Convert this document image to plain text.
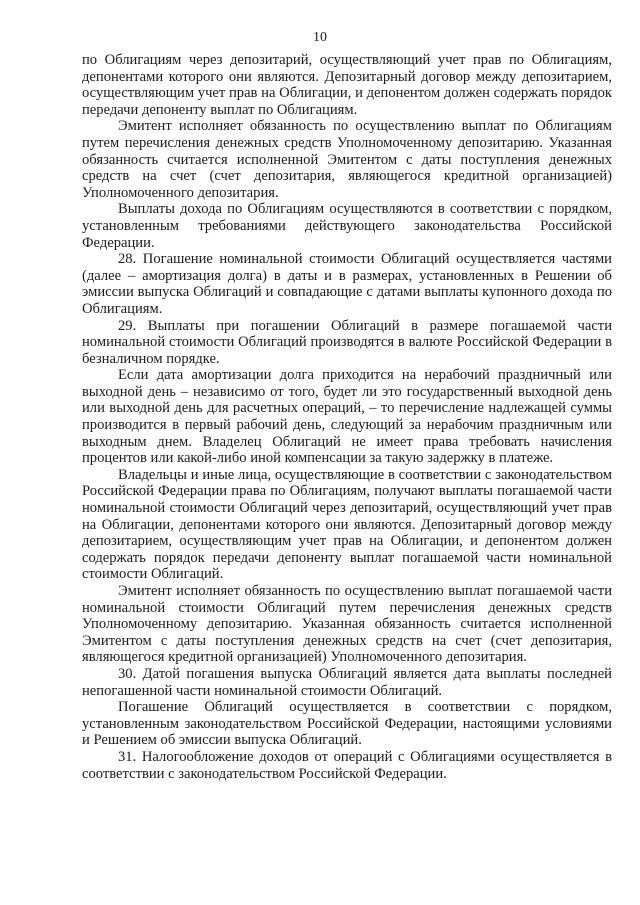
10

по Облигациям через депозитарий, осуществляющий учет прав по Облигациям, депонентами которого они являются. Депозитарный договор между депозитарием, осуществляющим учет прав на Облигации, и депонентом должен содержать порядок передачи депоненту выплат по Облигациям.

Эмитент исполняет обязанность по осуществлению выплат по Облигациям путем перечисления денежных средств Уполномоченному депозитарию. Указанная обязанность считается исполненной Эмитентом с даты поступления денежных средств на счет (счет депозитария, являющегося кредитной организацией) Уполномоченного депозитария.

Выплаты дохода по Облигациям осуществляются в соответствии с порядком, установленным требованиями действующего законодательства Российской Федерации.

28. Погашение номинальной стоимости Облигаций осуществляется частями (далее – амортизация долга) в даты и в размерах, установленных в Решении об эмиссии выпуска Облигаций и совпадающие с датами выплаты купонного дохода по Облигациям.

29. Выплаты при погашении Облигаций в размере погашаемой части номинальной стоимости Облигаций производятся в валюте Российской Федерации в безналичном порядке.

Если дата амортизации долга приходится на нерабочий праздничный или выходной день – независимо от того, будет ли это государственный выходной день или выходной день для расчетных операций, – то перечисление надлежащей суммы производится в первый рабочий день, следующий за нерабочим праздничным или выходным днем. Владелец Облигаций не имеет права требовать начисления процентов или какой-либо иной компенсации за такую задержку в платеже.

Владельцы и иные лица, осуществляющие в соответствии с законодательством Российской Федерации права по Облигациям, получают выплаты погашаемой части номинальной стоимости Облигаций через депозитарий, осуществляющий учет прав на Облигации, депонентами которого они являются. Депозитарный договор между депозитарием, осуществляющим учет прав на Облигации, и депонентом должен содержать порядок передачи депоненту выплат погашаемой части номинальной стоимости Облигаций.

Эмитент исполняет обязанность по осуществлению выплат погашаемой части номинальной стоимости Облигаций путем перечисления денежных средств Уполномоченному депозитарию. Указанная обязанность считается исполненной Эмитентом с даты поступления денежных средств на счет (счет депозитария, являющегося кредитной организацией) Уполномоченного депозитария.

30. Датой погашения выпуска Облигаций является дата выплаты последней непогашенной части номинальной стоимости Облигаций.

Погашение Облигаций осуществляется в соответствии с порядком, установленным законодательством Российской Федерации, настоящими условиями и Решением об эмиссии выпуска Облигаций.

31. Налогообложение доходов от операций с Облигациями осуществляется в соответствии с законодательством Российской Федерации.
